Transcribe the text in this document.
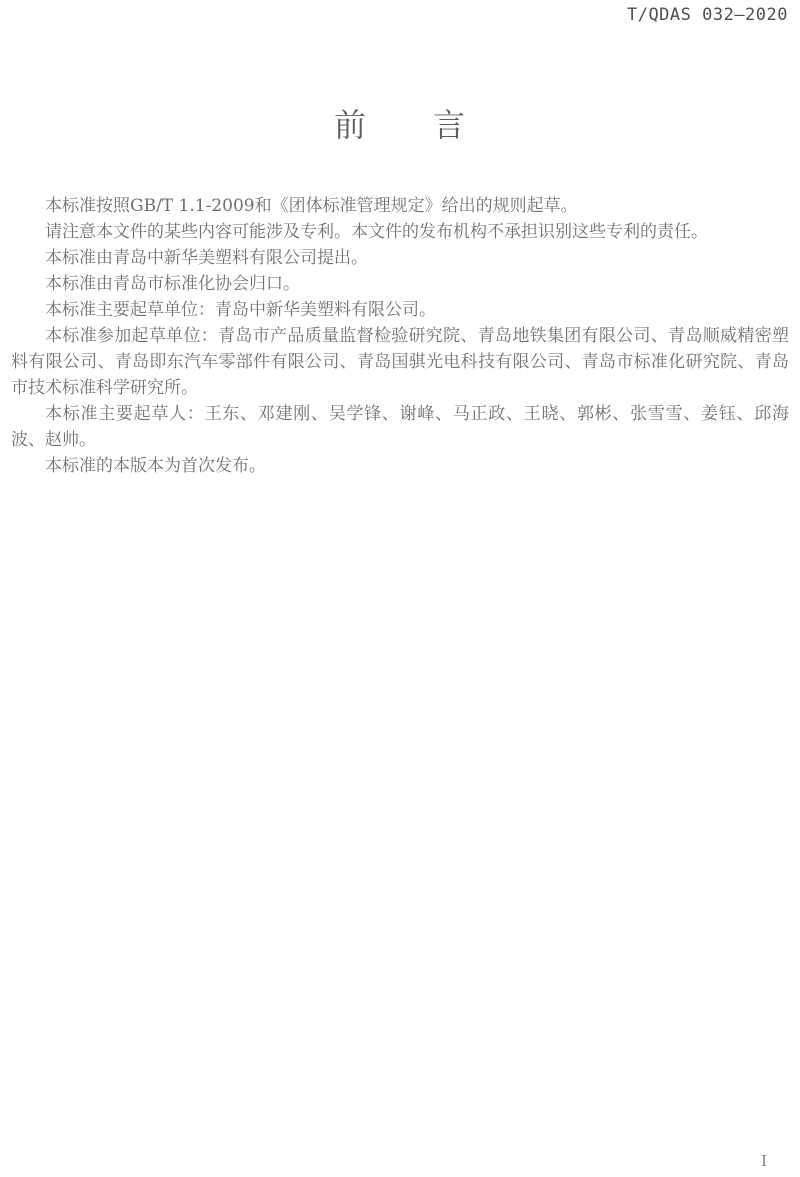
T/QDAS 032—2020
前　　言

本标准按照GB/T 1.1-2009和《团体标准管理规定》给出的规则起草。

请注意本文件的某些内容可能涉及专利。本文件的发布机构不承担识别这些专利的责任。

本标准由青岛中新华美塑料有限公司提出。

本标准由青岛市标准化协会归口。

本标准主要起草单位：青岛中新华美塑料有限公司。

本标准参加起草单位：青岛市产品质量监督检验研究院、青岛地铁集团有限公司、青岛顺威精密塑料有限公司、青岛即东汽车零部件有限公司、青岛国骐光电科技有限公司、青岛市标准化研究院、青岛市技术标准科学研究所。

本标准主要起草人：王东、邓建刚、吴学锋、谢峰、马正政、王晓、郭彬、张雪雪、姜钰、邱海波、赵帅。

本标准的本版本为首次发布。

I
